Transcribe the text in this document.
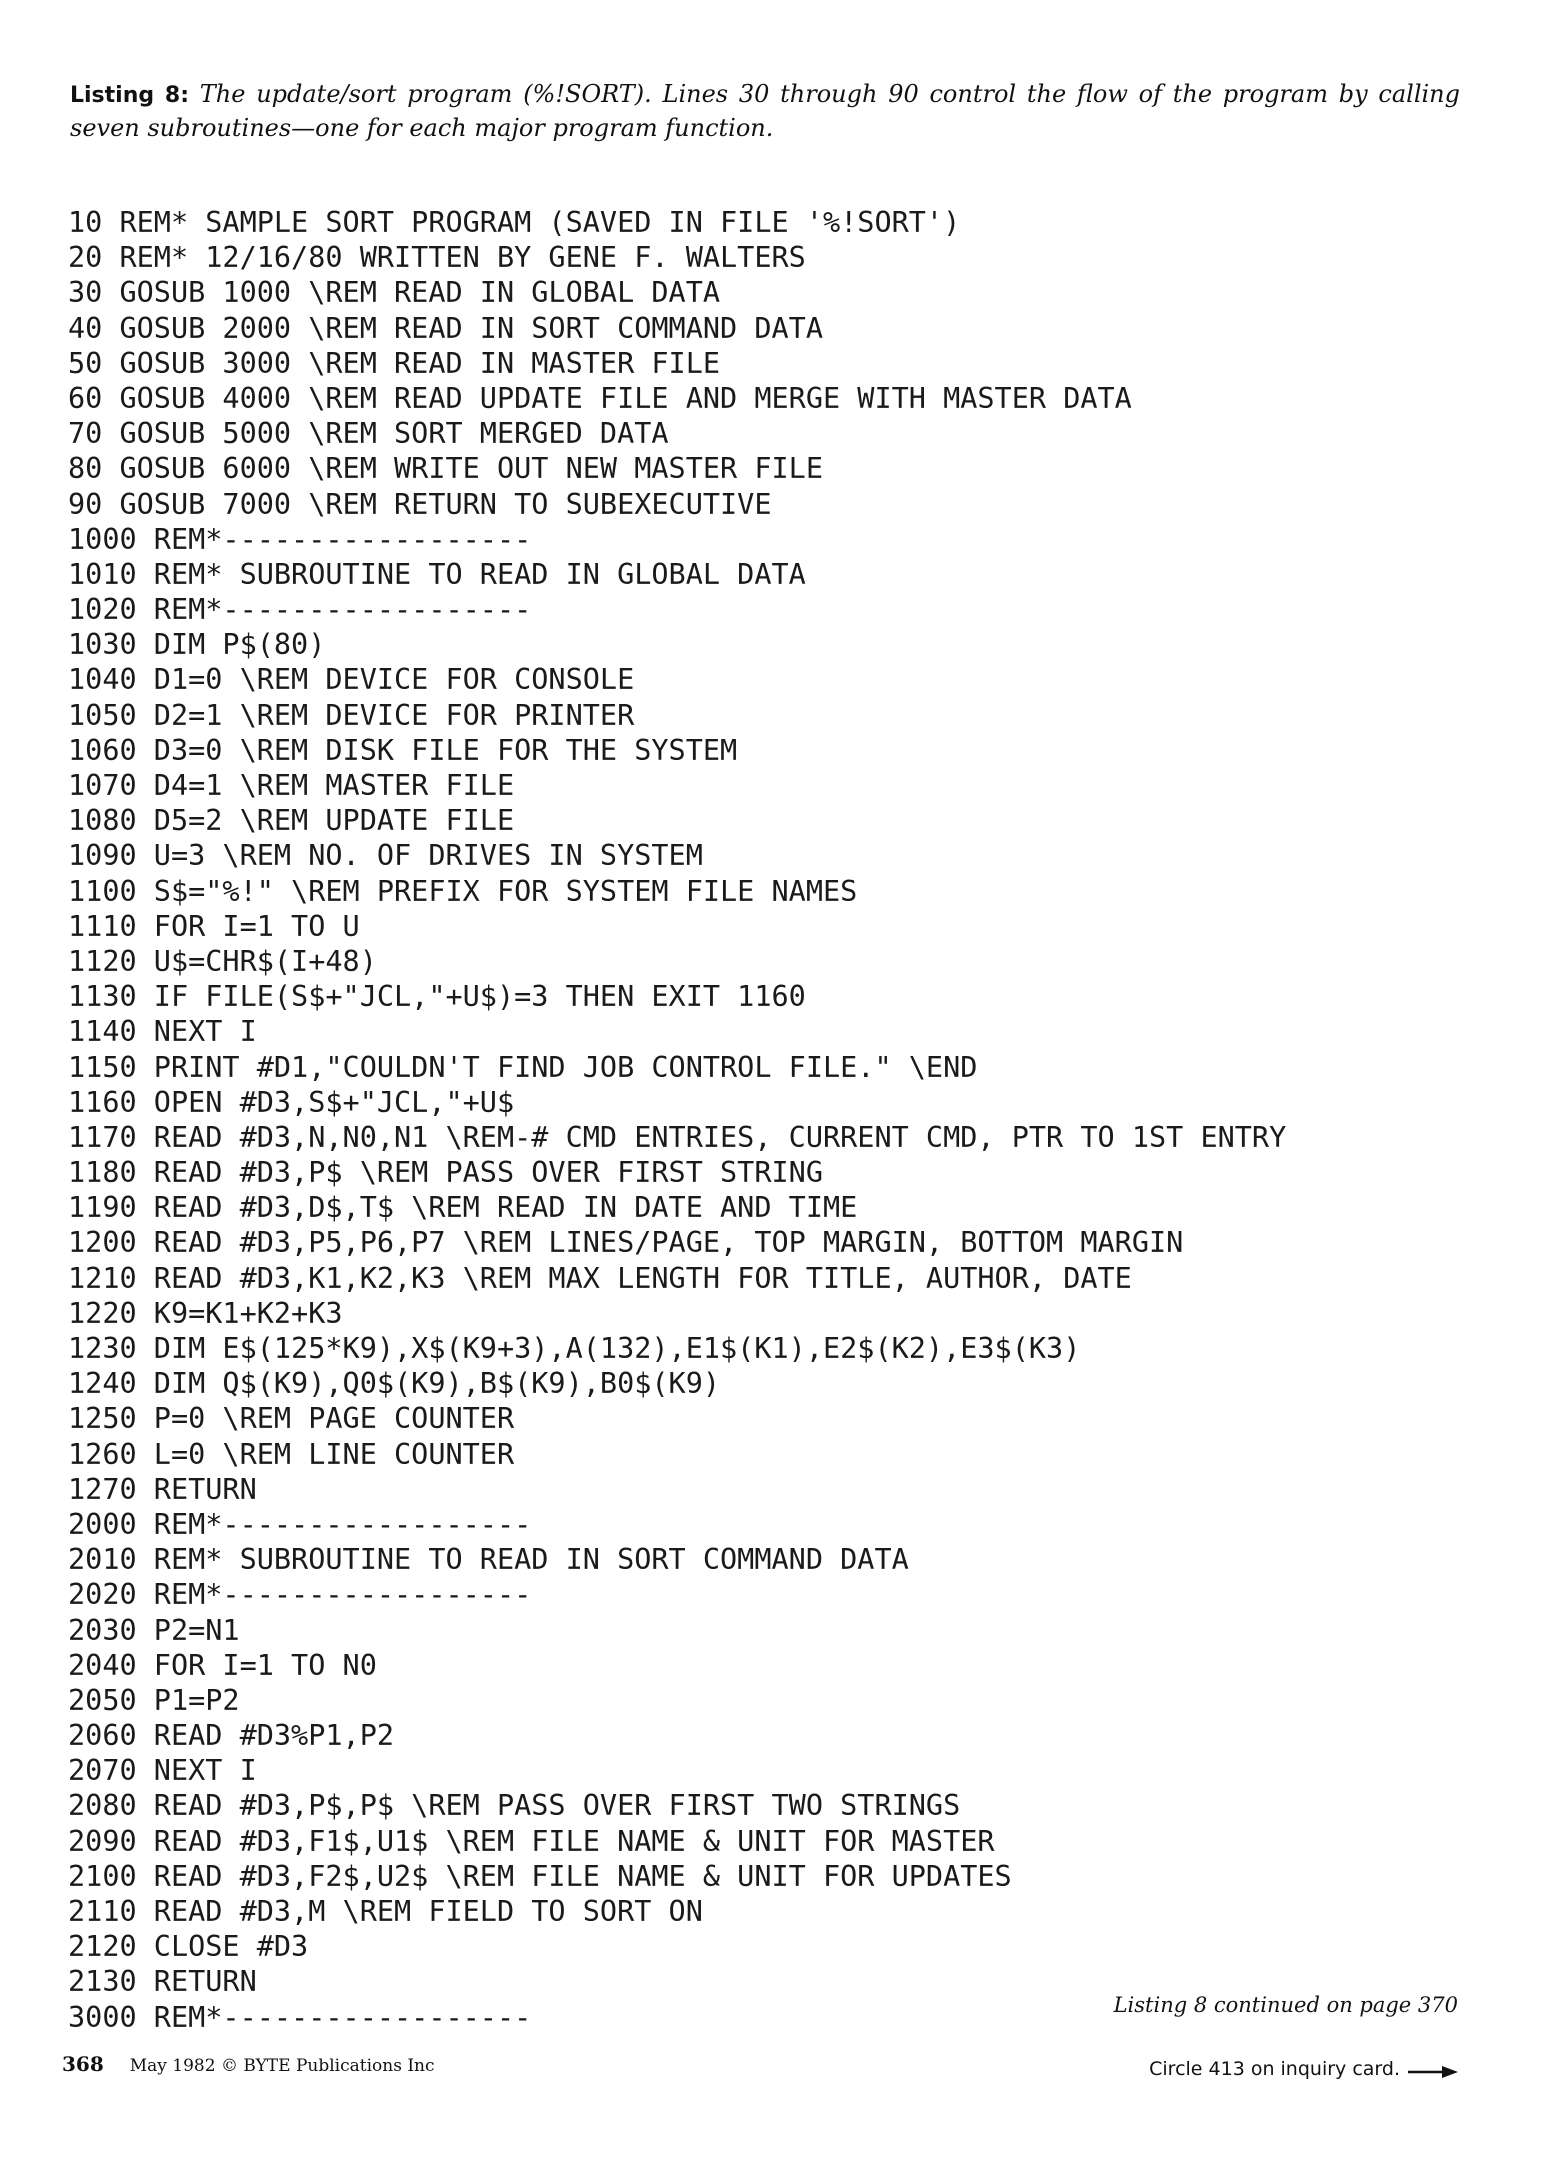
Listing 8: The update/sort program (%!SORT). Lines 30 through 90 control the flow of the program by calling seven subroutines—one for each major program function.
10 REM* SAMPLE SORT PROGRAM (SAVED IN FILE '%!SORT')
20 REM* 12/16/80 WRITTEN BY GENE F. WALTERS
30 GOSUB 1000 \REM READ IN GLOBAL DATA
40 GOSUB 2000 \REM READ IN SORT COMMAND DATA
50 GOSUB 3000 \REM READ IN MASTER FILE
60 GOSUB 4000 \REM READ UPDATE FILE AND MERGE WITH MASTER DATA
70 GOSUB 5000 \REM SORT MERGED DATA
80 GOSUB 6000 \REM WRITE OUT NEW MASTER FILE
90 GOSUB 7000 \REM RETURN TO SUBEXECUTIVE
1000 REM*------------------
1010 REM* SUBROUTINE TO READ IN GLOBAL DATA
1020 REM*------------------
1030 DIM P$(80)
1040 D1=0 \REM DEVICE FOR CONSOLE
1050 D2=1 \REM DEVICE FOR PRINTER
1060 D3=0 \REM DISK FILE FOR THE SYSTEM
1070 D4=1 \REM MASTER FILE
1080 D5=2 \REM UPDATE FILE
1090 U=3 \REM NO. OF DRIVES IN SYSTEM
1100 S$="%!" \REM PREFIX FOR SYSTEM FILE NAMES
1110 FOR I=1 TO U
1120 U$=CHR$(I+48)
1130 IF FILE(S$+"JCL,"+U$)=3 THEN EXIT 1160
1140 NEXT I
1150 PRINT #D1,"COULDN'T FIND JOB CONTROL FILE." \END
1160 OPEN #D3,S$+"JCL,"+U$
1170 READ #D3,N,N0,N1 \REM-# CMD ENTRIES, CURRENT CMD, PTR TO 1ST ENTRY
1180 READ #D3,P$ \REM PASS OVER FIRST STRING
1190 READ #D3,D$,T$ \REM READ IN DATE AND TIME
1200 READ #D3,P5,P6,P7 \REM LINES/PAGE, TOP MARGIN, BOTTOM MARGIN
1210 READ #D3,K1,K2,K3 \REM MAX LENGTH FOR TITLE, AUTHOR, DATE
1220 K9=K1+K2+K3
1230 DIM E$(125*K9),X$(K9+3),A(132),E1$(K1),E2$(K2),E3$(K3)
1240 DIM Q$(K9),Q0$(K9),B$(K9),B0$(K9)
1250 P=0 \REM PAGE COUNTER
1260 L=0 \REM LINE COUNTER
1270 RETURN
2000 REM*------------------
2010 REM* SUBROUTINE TO READ IN SORT COMMAND DATA
2020 REM*------------------
2030 P2=N1
2040 FOR I=1 TO N0
2050 P1=P2
2060 READ #D3%P1,P2
2070 NEXT I
2080 READ #D3,P$,P$ \REM PASS OVER FIRST TWO STRINGS
2090 READ #D3,F1$,U1$ \REM FILE NAME & UNIT FOR MASTER
2100 READ #D3,F2$,U2$ \REM FILE NAME & UNIT FOR UPDATES
2110 READ #D3,M \REM FIELD TO SORT ON
2120 CLOSE #D3
2130 RETURN
3000 REM*------------------	Listing 8 continued on page 370
368 May 1982 © BYTE Publications Inc	Circle 413 on inquiry card.
